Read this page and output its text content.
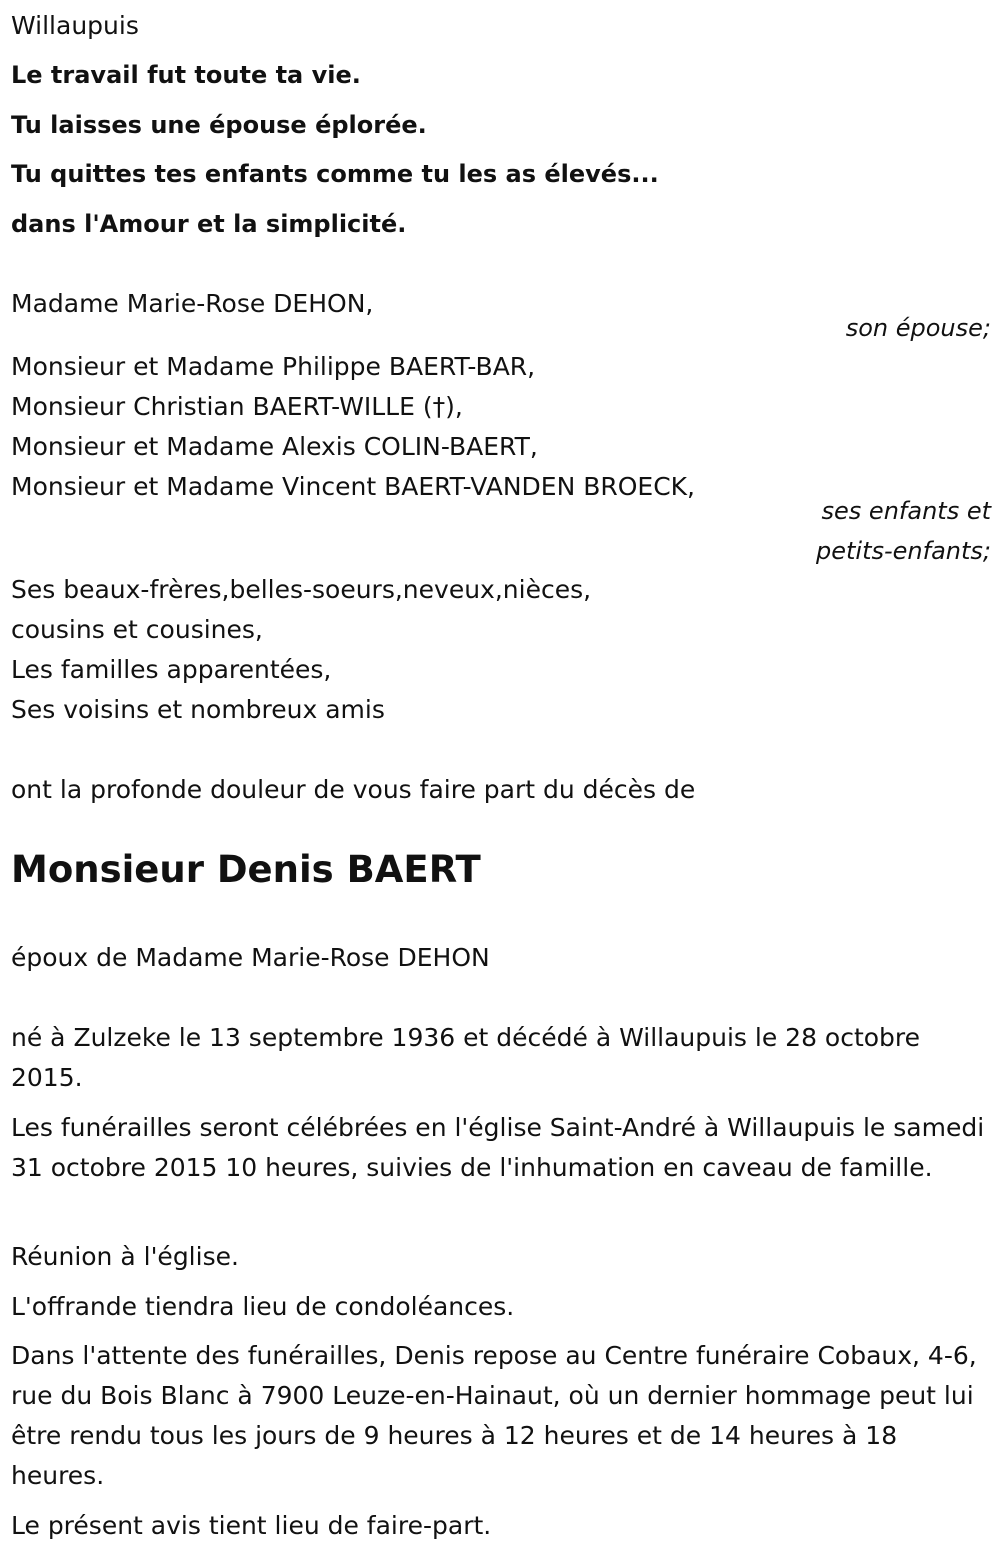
Willaupuis
Le travail fut toute ta vie.
Tu laisses une épouse éplorée.
Tu quittes tes enfants comme tu les as élevés...
dans l'Amour et la simplicité.
Madame Marie-Rose DEHON,
son épouse;
Monsieur et Madame Philippe BAERT-BAR,
Monsieur Christian BAERT-WILLE (†),
Monsieur et Madame Alexis COLIN-BAERT,
Monsieur et Madame Vincent BAERT-VANDEN BROECK,
ses enfants et
petits-enfants;
Ses beaux-frères,belles-soeurs,neveux,nièces,
cousins et cousines,
Les familles apparentées,
Ses voisins et nombreux amis
ont la profonde douleur de vous faire part du décès de
Monsieur Denis BAERT
époux de Madame Marie-Rose DEHON
né à Zulzeke le 13 septembre 1936 et décédé à Willaupuis le 28 octobre 2015.
Les funérailles seront célébrées en l'église Saint-André à Willaupuis le samedi 31 octobre 2015 10 heures, suivies de l'inhumation en caveau de famille.
Réunion à l'église.
L'offrande tiendra lieu de condoléances.
Dans l'attente des funérailles, Denis repose au Centre funéraire Cobaux, 4-6, rue du Bois Blanc à 7900 Leuze-en-Hainaut, où un dernier hommage peut lui être rendu tous les jours de 9 heures à 12 heures et de 14 heures à 18 heures.
Le présent avis tient lieu de faire-part.
